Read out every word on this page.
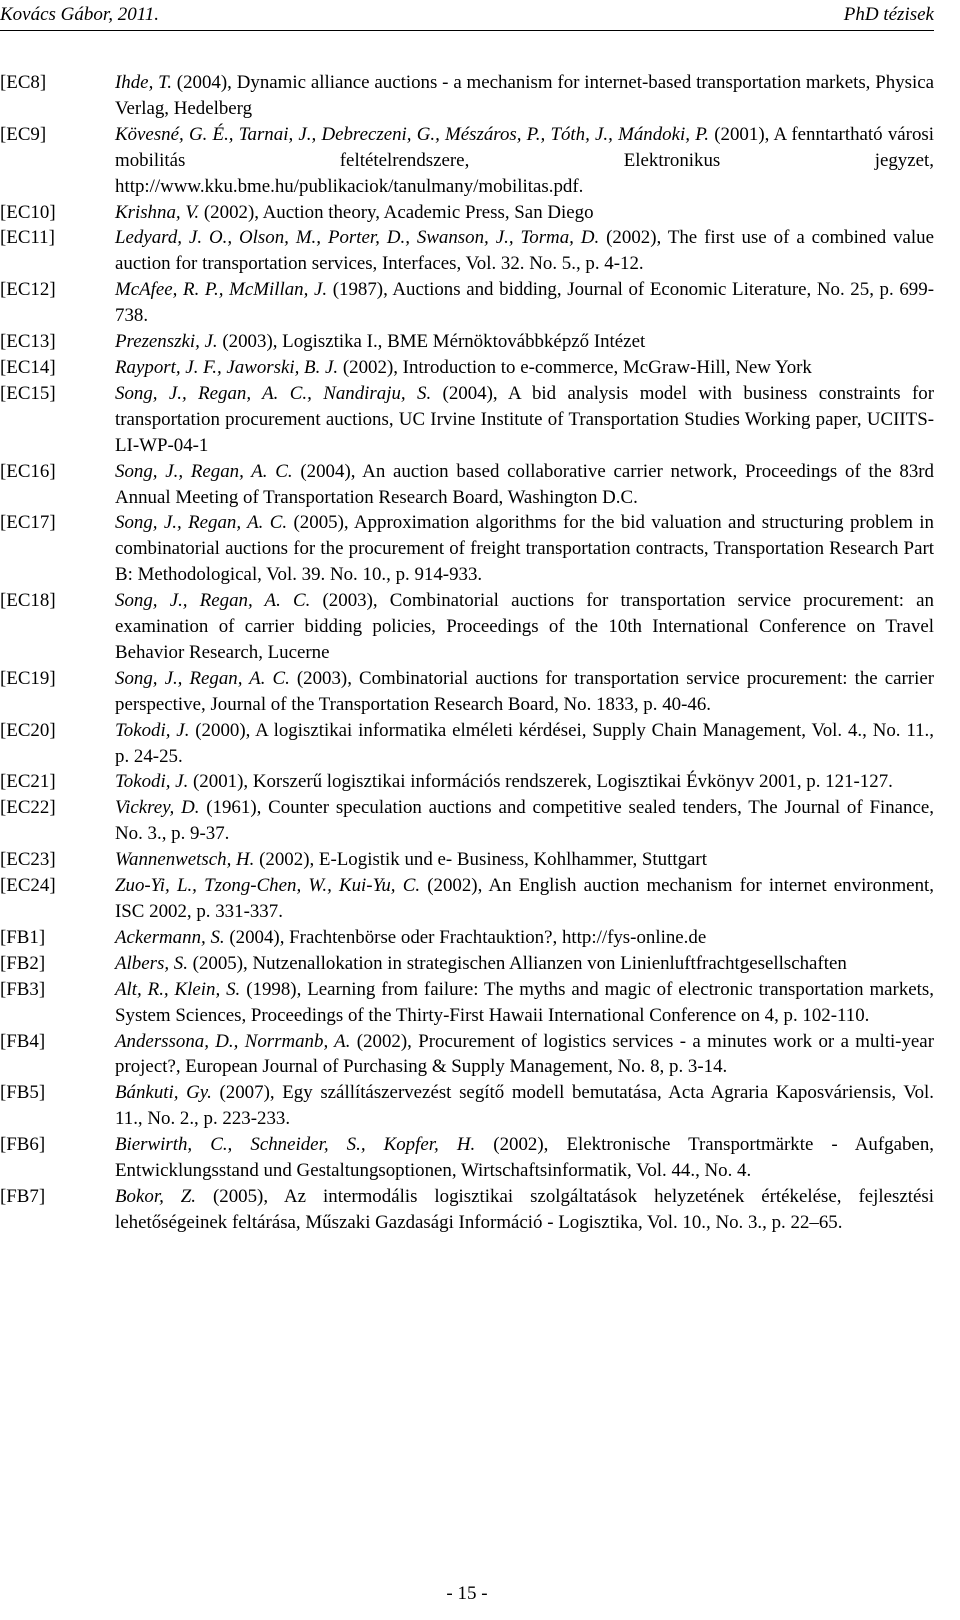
Kovács Gábor, 2011.	PhD tézisek
[EC8]	Ihde, T. (2004), Dynamic alliance auctions - a mechanism for internet-based transportation markets, Physica Verlag, Hedelberg
[EC9]	Kövesné, G. É., Tarnai, J., Debreczeni, G., Mészáros, P., Tóth, J., Mándoki, P. (2001), A fenntartható városi mobilitás feltételrendszere, Elektronikus jegyzet, http://www.kku.bme.hu/publikaciok/tanulmany/mobilitas.pdf.
[EC10]	Krishna, V. (2002), Auction theory, Academic Press, San Diego
[EC11]	Ledyard, J. O., Olson, M., Porter, D., Swanson, J., Torma, D. (2002), The first use of a combined value auction for transportation services, Interfaces, Vol. 32. No. 5., p. 4-12.
[EC12]	McAfee, R. P., McMillan, J. (1987), Auctions and bidding, Journal of Economic Literature, No. 25, p. 699-738.
[EC13]	Prezenszki, J. (2003), Logisztika I., BME Mérnöktovábbképző Intézet
[EC14]	Rayport, J. F., Jaworski, B. J. (2002), Introduction to e-commerce, McGraw-Hill, New York
[EC15]	Song, J., Regan, A. C., Nandiraju, S. (2004), A bid analysis model with business constraints for transportation procurement auctions, UC Irvine Institute of Transportation Studies Working paper, UCIITS-LI-WP-04-1
[EC16]	Song, J., Regan, A. C. (2004), An auction based collaborative carrier network, Proceedings of the 83rd Annual Meeting of Transportation Research Board, Washington D.C.
[EC17]	Song, J., Regan, A. C. (2005), Approximation algorithms for the bid valuation and structuring problem in combinatorial auctions for the procurement of freight transportation contracts, Transportation Research Part B: Methodological, Vol. 39. No. 10., p. 914-933.
[EC18]	Song, J., Regan, A. C. (2003), Combinatorial auctions for transportation service procurement: an examination of carrier bidding policies, Proceedings of the 10th International Conference on Travel Behavior Research, Lucerne
[EC19]	Song, J., Regan, A. C. (2003), Combinatorial auctions for transportation service procurement: the carrier perspective, Journal of the Transportation Research Board, No. 1833, p. 40-46.
[EC20]	Tokodi, J. (2000), A logisztikai informatika elméleti kérdései, Supply Chain Management, Vol. 4., No. 11., p. 24-25.
[EC21]	Tokodi, J. (2001), Korszerű logisztikai információs rendszerek, Logisztikai Évkönyv 2001, p. 121-127.
[EC22]	Vickrey, D. (1961), Counter speculation auctions and competitive sealed tenders, The Journal of Finance, No. 3., p. 9-37.
[EC23]	Wannenwetsch, H. (2002), E-Logistik und e- Business, Kohlhammer, Stuttgart
[EC24]	Zuo-Yi, L., Tzong-Chen, W., Kui-Yu, C. (2002), An English auction mechanism for internet environment, ISC 2002, p. 331-337.
[FB1]	Ackermann, S. (2004), Frachtenbörse oder Frachtauktion?, http://fys-online.de
[FB2]	Albers, S. (2005), Nutzenallokation in strategischen Allianzen von Linienluftfrachtgesellschaften
[FB3]	Alt, R., Klein, S. (1998), Learning from failure: The myths and magic of electronic transportation markets, System Sciences, Proceedings of the Thirty-First Hawaii International Conference on 4, p. 102-110.
[FB4]	Anderssona, D., Norrmanb, A. (2002), Procurement of logistics services - a minutes work or a multi-year project?, European Journal of Purchasing & Supply Management, No. 8, p. 3-14.
[FB5]	Bánkuti, Gy. (2007), Egy szállítászervezést segítő modell bemutatása, Acta Agraria Kaposváriensis, Vol. 11., No. 2., p. 223-233.
[FB6]	Bierwirth, C., Schneider, S., Kopfer, H. (2002), Elektronische Transportmärkte - Aufgaben, Entwicklungsstand und Gestaltungsoptionen, Wirtschaftsinformatik, Vol. 44., No. 4.
[FB7]	Bokor, Z. (2005), Az intermodális logisztikai szolgáltatások helyzetének értékelése, fejlesztési lehetőségeinek feltárása, Műszaki Gazdasági Információ - Logisztika, Vol. 10., No. 3., p. 22–65.
- 15 -
